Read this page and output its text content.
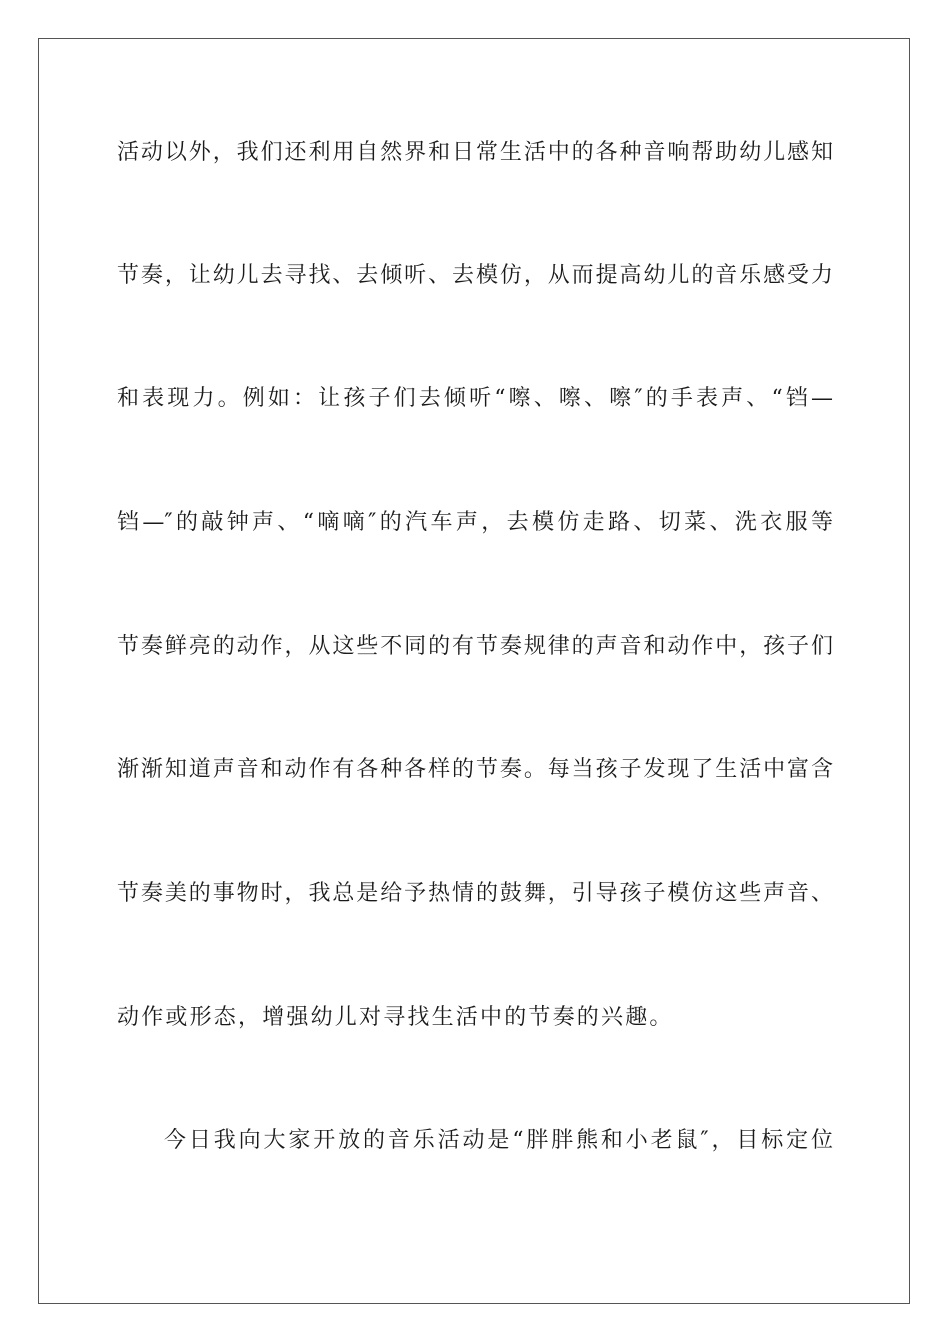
活动以外，我们还利用自然界和日常生活中的各种音响帮助幼儿感知
节奏，让幼儿去寻找、去倾听、去模仿，从而提高幼儿的音乐感受力
和表现力。例如：让孩子们去倾听“嚓、嚓、嚓″的手表声、“铛—
铛—″的敲钟声、“嘀嘀″的汽车声，去模仿走路、切菜、洗衣服等
节奏鲜亮的动作，从这些不同的有节奏规律的声音和动作中，孩子们
渐渐知道声音和动作有各种各样的节奏。每当孩子发现了生活中富含
节奏美的事物时，我总是给予热情的鼓舞，引导孩子模仿这些声音、
动作或形态，增强幼儿对寻找生活中的节奏的兴趣。
今日我向大家开放的音乐活动是“胖胖熊和小老鼠″，目标定位
